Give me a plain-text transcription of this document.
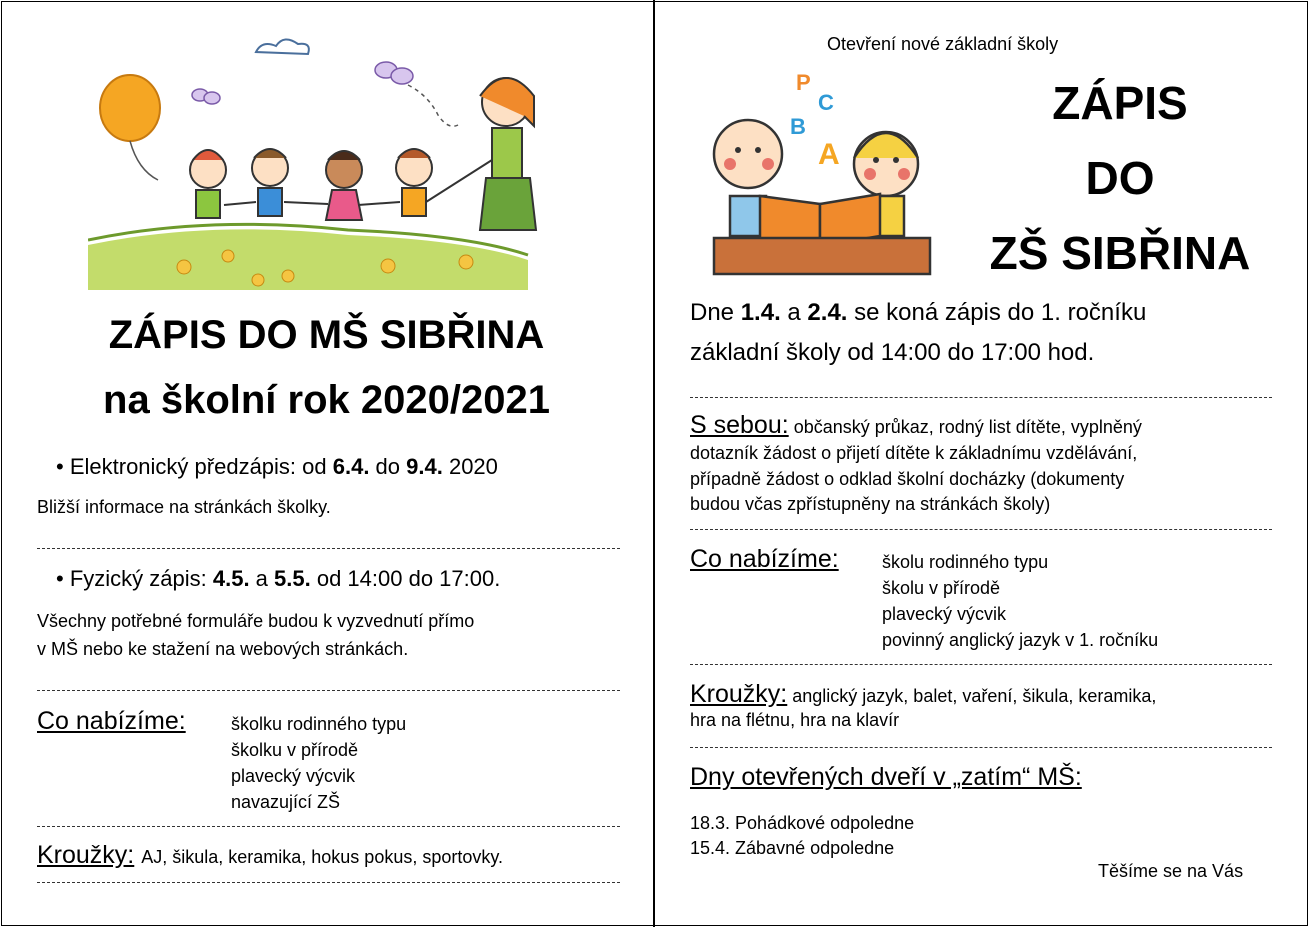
ZÁPIS DO MŠ SIBŘINA
na školní rok 2020/2021
• Elektronický předzápis: od 6.4. do 9.4. 2020
Bližší informace na stránkách školky.
• Fyzický zápis: 4.5. a 5.5. od 14:00 do 17:00.
Všechny potřebné formuláře budou k vyzvednutí přímo
v MŠ nebo ke stažení na webových stránkách.
Co nabízíme:	školku rodinného typu
školku v přírodě
plavecký výcvik
navazující ZŠ
Kroužky: AJ, šikula, keramika, hokus pokus, sportovky.
P
C
B
A
Otevření nové základní školy
ZÁPIS
DO
ZŠ SIBŘINA
Dne 1.4. a 2.4. se koná zápis do 1. ročníku
základní školy od 14:00 do 17:00 hod.
S sebou: občanský průkaz, rodný list dítěte, vyplněný
dotazník žádost o přijetí dítěte k základnímu vzdělávání,
případně žádost o odklad školní docházky (dokumenty
budou včas zpřístupněny na stránkách školy)
Co nabízíme: školu rodinného typu
školu v přírodě
plavecký výcvik
povinný anglický jazyk v 1. ročníku
Kroužky: anglický jazyk, balet, vaření, šikula, keramika,
hra na flétnu, hra na klavír
Dny otevřených dveří v „zatím“ MŠ:
18.3. Pohádkové odpoledne
15.4. Zábavné odpoledne
Těšíme se na Vás
